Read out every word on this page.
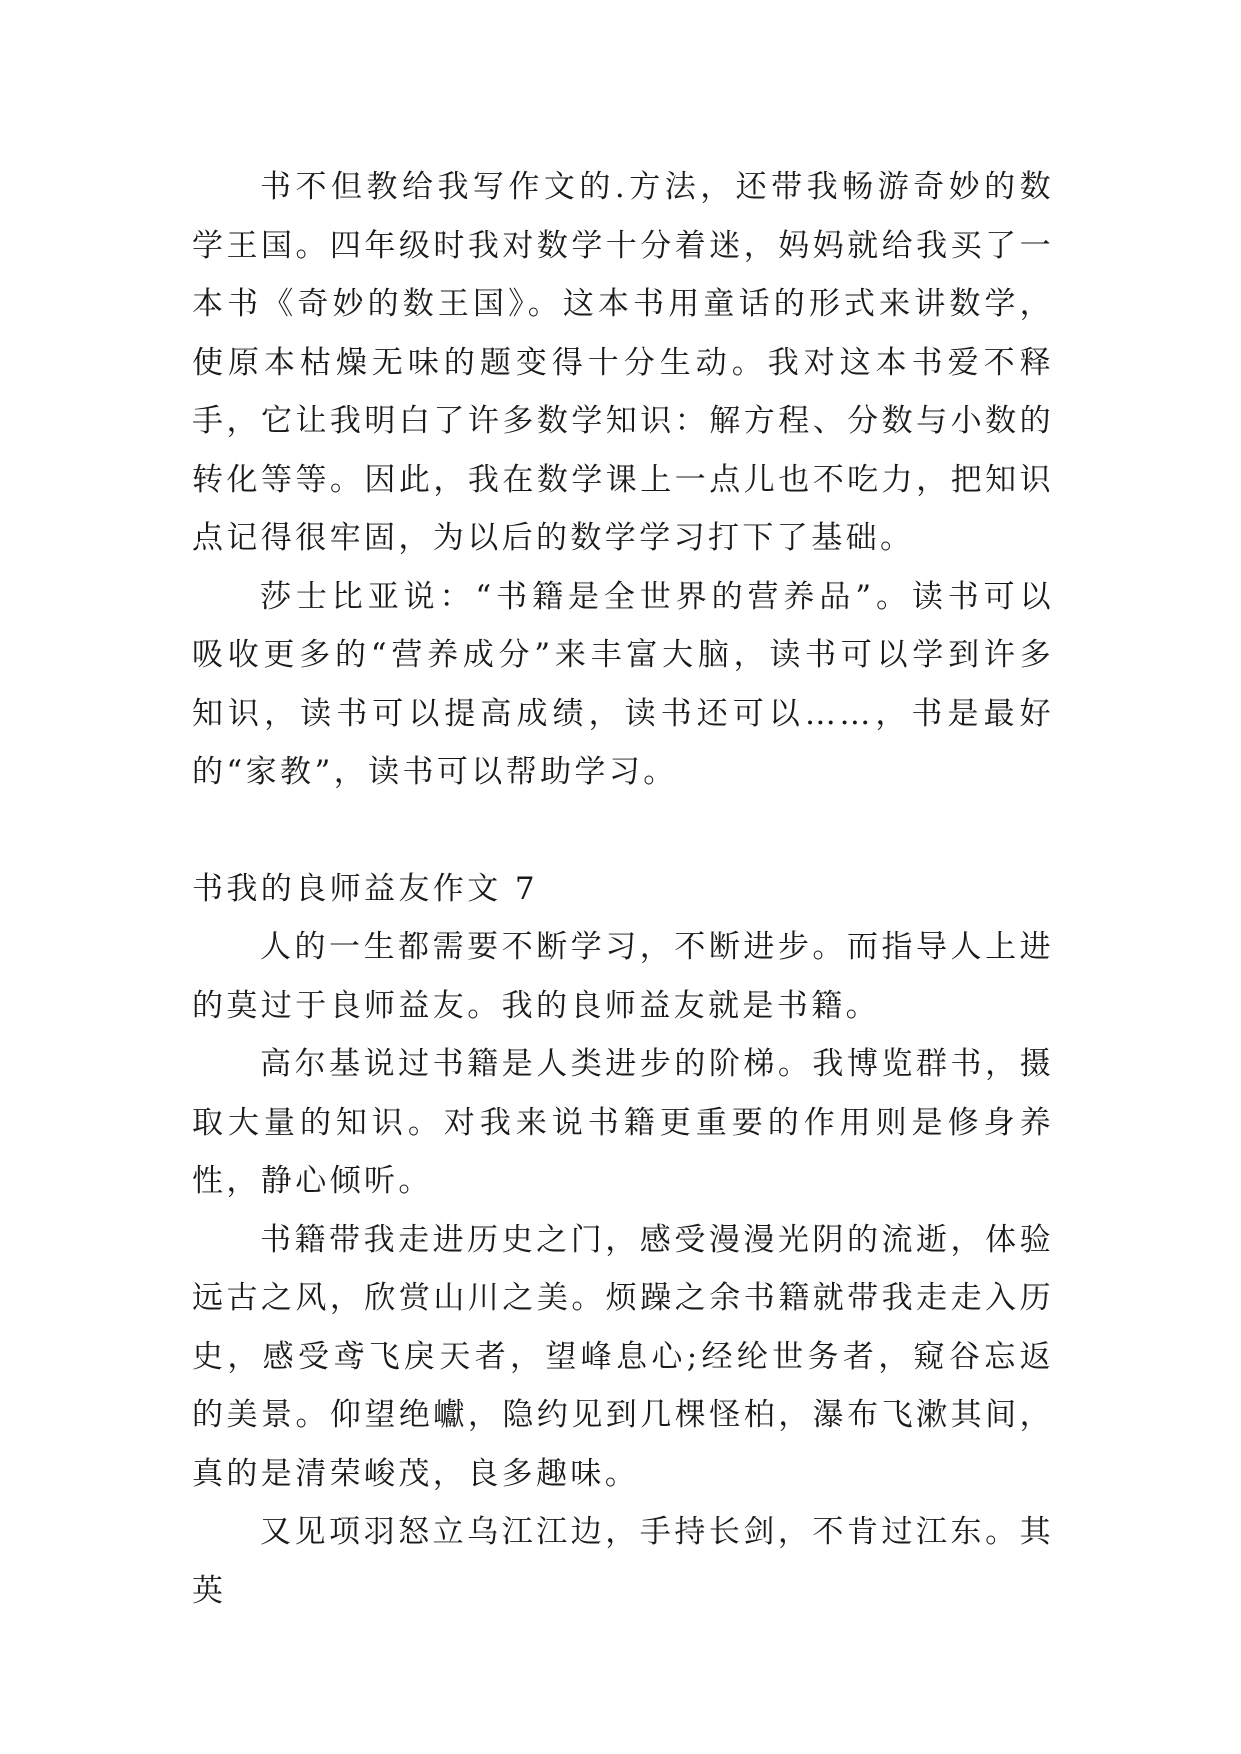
书不但教给我写作文的.方法，还带我畅游奇妙的数学王国。四年级时我对数学十分着迷，妈妈就给我买了一本书《奇妙的数王国》。这本书用童话的形式来讲数学，使原本枯燥无味的题变得十分生动。我对这本书爱不释手，它让我明白了许多数学知识：解方程、分数与小数的转化等等。因此，我在数学课上一点儿也不吃力，把知识点记得很牢固，为以后的数学学习打下了基础。

莎士比亚说：“书籍是全世界的营养品”。读书可以吸收更多的“营养成分”来丰富大脑，读书可以学到许多知识，读书可以提高成绩，读书还可以……，书是最好的“家教”，读书可以帮助学习。

书我的良师益友作文 7

人的一生都需要不断学习，不断进步。而指导人上进的莫过于良师益友。我的良师益友就是书籍。

高尔基说过书籍是人类进步的阶梯。我博览群书，摄取大量的知识。对我来说书籍更重要的作用则是修身养性，静心倾听。

书籍带我走进历史之门，感受漫漫光阴的流逝，体验远古之风，欣赏山川之美。烦躁之余书籍就带我走走入历史，感受鸢飞戾天者，望峰息心;经纶世务者，窥谷忘返的美景。仰望绝巘，隐约见到几棵怪柏，瀑布飞漱其间，真的是清荣峻茂，良多趣味。

又见项羽怒立乌江江边，手持长剑，不肯过江东。其英
